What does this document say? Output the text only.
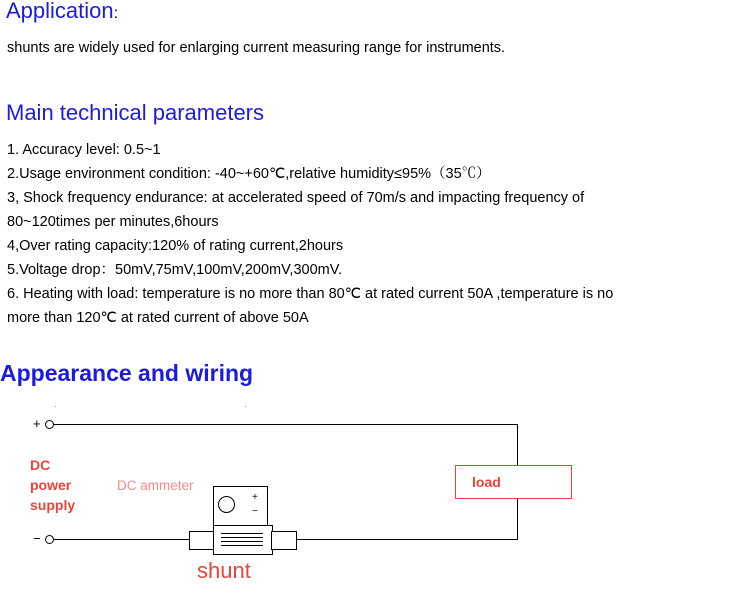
Application:
shunts are widely used for enlarging current measuring range for instruments.
Main technical parameters
1. Accuracy level: 0.5~1
2.Usage environment condition: -40~+60℃,relative humidity≤95%（35℃）
3, Shock frequency endurance: at accelerated speed of 70m/s and impacting frequency of
80~120times per minutes,6hours
4,Over rating capacity:120% of rating current,2hours
5.Voltage drop：50mV,75mV,100mV,200mV,300mV.
6. Heating with load: temperature is no more than 80℃ at rated current 50A ,temperature is no
more than 120℃ at rated current of above 50A
Appearance and wiring
·	·
+
−
load
DC
power
supply
DC ammeter
+
−
shunt
